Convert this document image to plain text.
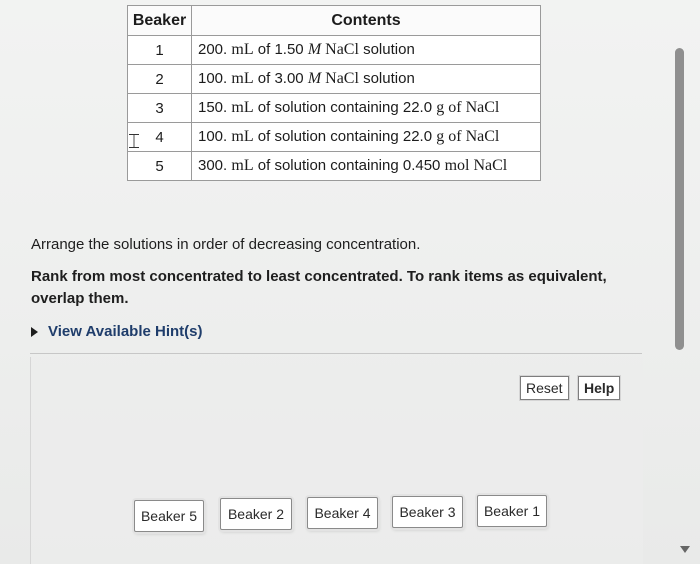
Beaker	Contents
1	200. mL of 1.50 M NaCl solution
2	100. mL of 3.00 M NaCl solution
3	150. mL of solution containing 22.0 g of NaCl
4	100. mL of solution containing 22.0 g of NaCl
5	300. mL of solution containing 0.450 mol NaCl
⌶
Arrange the solutions in order of decreasing concentration.
Rank from most concentrated to least concentrated. To rank items as equivalent, overlap them.
View Available Hint(s)
Reset	Help
Beaker 5	Beaker 2	Beaker 4	Beaker 3	Beaker 1
